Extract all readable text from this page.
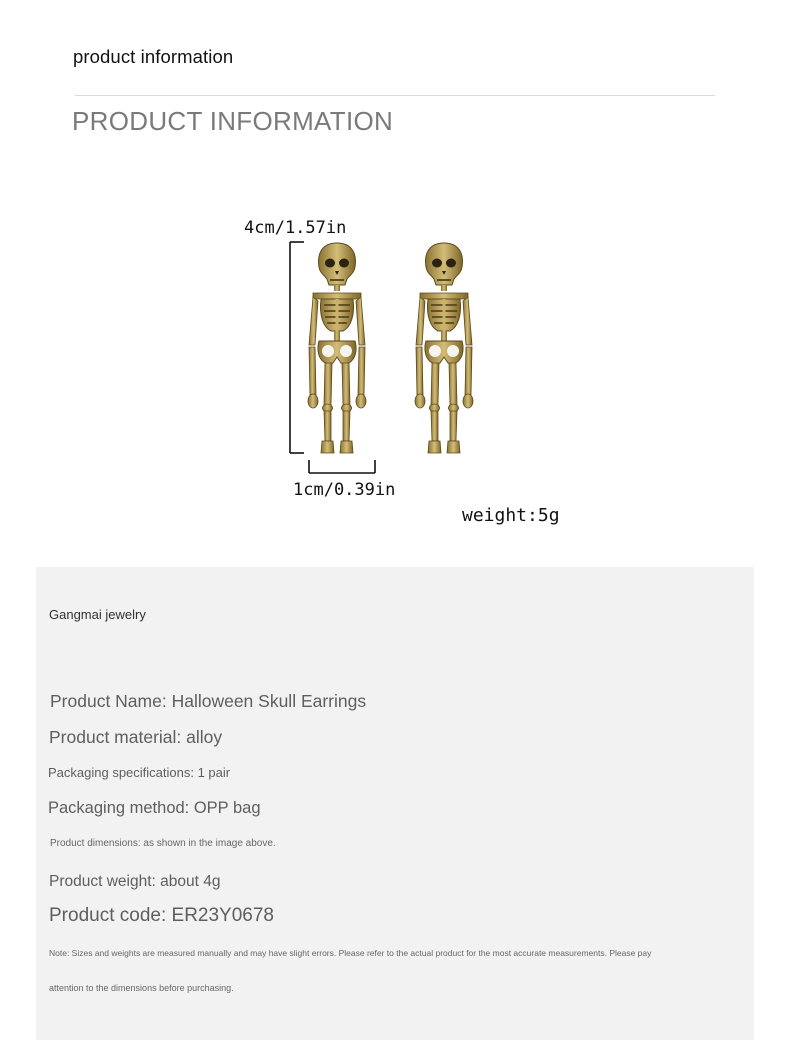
product information
PRODUCT INFORMATION
4cm/1.57in
1cm/0.39in
weight:5g
Gangmai jewelry
Product Name: Halloween Skull Earrings
Product material: alloy
Packaging specifications: 1 pair
Packaging method: OPP bag
Product dimensions: as shown in the image above.
Product weight: about 4g
Product code: ER23Y0678
Note: Sizes and weights are measured manually and may have slight errors. Please refer to the actual product for the most accurate measurements. Please pay
attention to the dimensions before purchasing.
